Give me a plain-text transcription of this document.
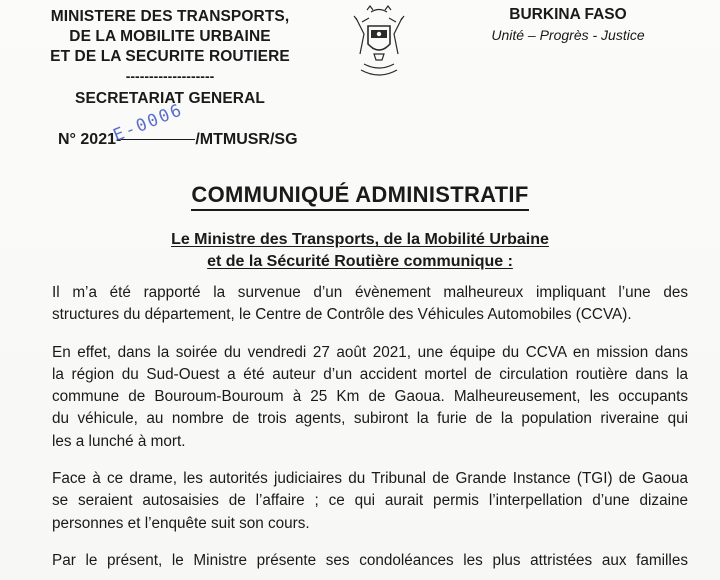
MINISTERE DES TRANSPORTS,
DE LA MOBILITE URBAINE
ET DE LA SECURITE ROUTIERE
-------------------
SECRETARIAT GENERAL
BURKINA FASO
Unité – Progrès - Justice
N° 2021-	/MTMUSR/SG
E-0006
COMMUNIQUÉ ADMINISTRATIF
Le Ministre des Transports, de la Mobilité Urbaine
et de la Sécurité Routière communique :

Il m’a été rapporté la survenue d’un évènement malheureux impliquant l’une des
structures du département, le Centre de Contrôle des Véhicules Automobiles (CCVA).

En effet, dans la soirée du vendredi 27 août 2021, une équipe du CCVA en mission dans
la région du Sud-Ouest a été auteur d’un accident mortel de circulation routière dans la
commune de Bouroum-Bouroum à 25 Km de Gaoua. Malheureusement, les occupants
du véhicule, au nombre de trois agents, subiront la furie de la population riveraine qui
les a lunché à mort.

Face à ce drame, les autorités judiciaires du Tribunal de Grande Instance (TGI) de Gaoua
se seraient autosaisies de l’affaire ; ce qui aurait permis l’interpellation d’une dizaine
personnes et l’enquête suit son cours.

Par le présent, le Ministre présente ses condoléances les plus attristées aux familles
